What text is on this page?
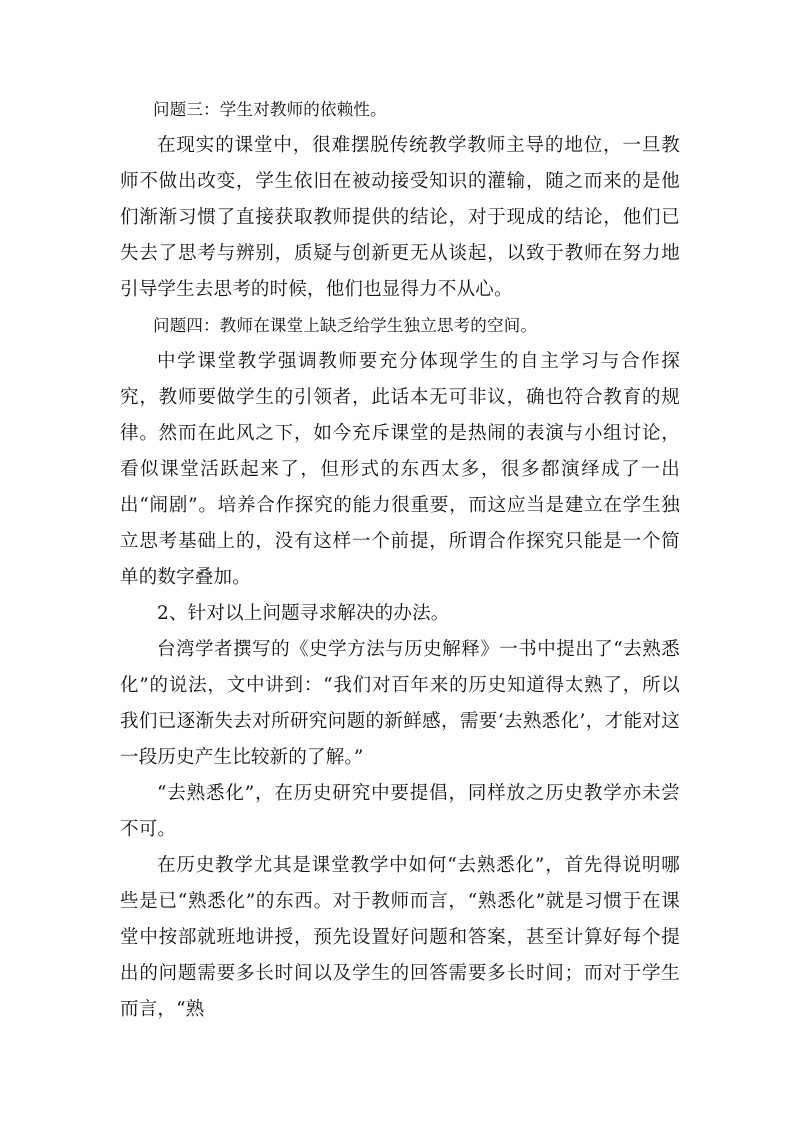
问题三：学生对教师的依赖性。

在现实的课堂中，很难摆脱传统教学教师主导的地位，一旦教师不做出改变，学生依旧在被动接受知识的灌输，随之而来的是他们渐渐习惯了直接获取教师提供的结论，对于现成的结论，他们已失去了思考与辨别，质疑与创新更无从谈起，以致于教师在努力地引导学生去思考的时候，他们也显得力不从心。

问题四：教师在课堂上缺乏给学生独立思考的空间。

中学课堂教学强调教师要充分体现学生的自主学习与合作探究，教师要做学生的引领者，此话本无可非议，确也符合教育的规律。然而在此风之下，如今充斥课堂的是热闹的表演与小组讨论，看似课堂活跃起来了，但形式的东西太多，很多都演绎成了一出出“闹剧”。培养合作探究的能力很重要，而这应当是建立在学生独立思考基础上的，没有这样一个前提，所谓合作探究只能是一个简单的数字叠加。

2、针对以上问题寻求解决的办法。

台湾学者撰写的《史学方法与历史解释》一书中提出了“去熟悉化”的说法，文中讲到：“我们对百年来的历史知道得太熟了，所以我们已逐渐失去对所研究问题的新鲜感，需要‘去熟悉化’，才能对这一段历史产生比较新的了解。”

“去熟悉化”，在历史研究中要提倡，同样放之历史教学亦未尝不可。

在历史教学尤其是课堂教学中如何“去熟悉化”，首先得说明哪些是已“熟悉化”的东西。对于教师而言，“熟悉化”就是习惯于在课堂中按部就班地讲授，预先设置好问题和答案，甚至计算好每个提出的问题需要多长时间以及学生的回答需要多长时间；而对于学生而言，“熟
